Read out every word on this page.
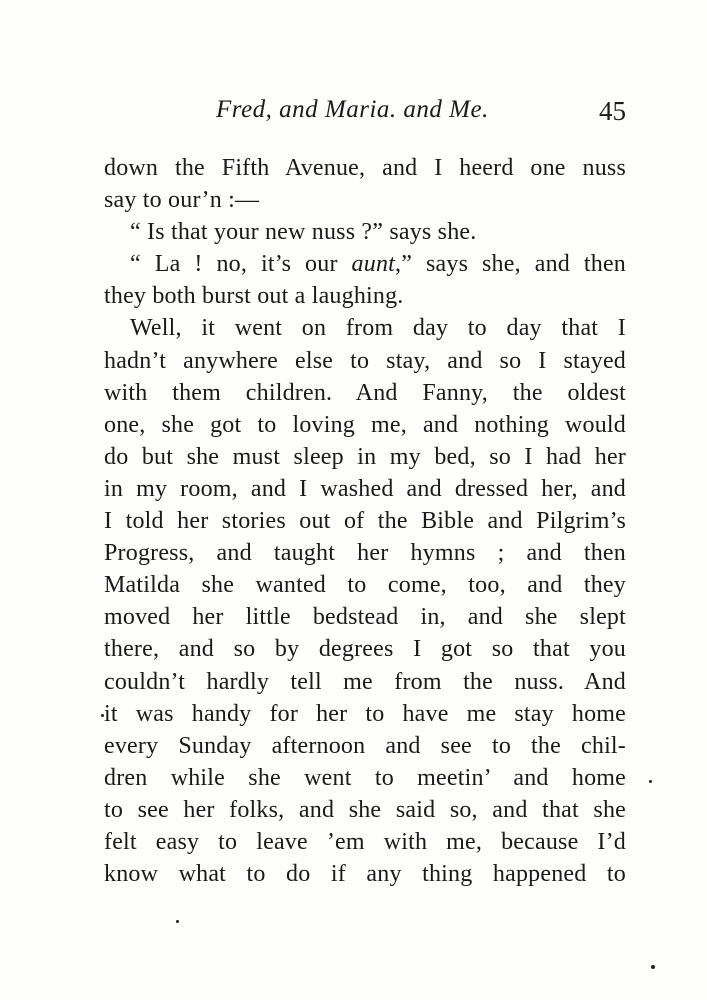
Fred, and Maria. and Me.	45
down the Fifth Avenue, and I heerd one nuss
say to our’n :—
“ Is that your new nuss ?” says she.
“ La ! no, it’s our aunt,” says she, and then
they both burst out a laughing.
Well, it went on from day to day that I
hadn’t anywhere else to stay, and so I stayed
with them children. And Fanny, the oldest
one, she got to loving me, and nothing would
do but she must sleep in my bed, so I had her
in my room, and I washed and dressed her, and
I told her stories out of the Bible and Pilgrim’s
Progress, and taught her hymns ; and then
Matilda she wanted to come, too, and they
moved her little bedstead in, and she slept
there, and so by degrees I got so that you
couldn’t hardly tell me from the nuss. And
it was handy for her to have me stay home
every Sunday afternoon and see to the chil-
dren while she went to meetin’ and home
to see her folks, and she said so, and that she
felt easy to leave ’em with me, because I’d
know what to do if any thing happened to
